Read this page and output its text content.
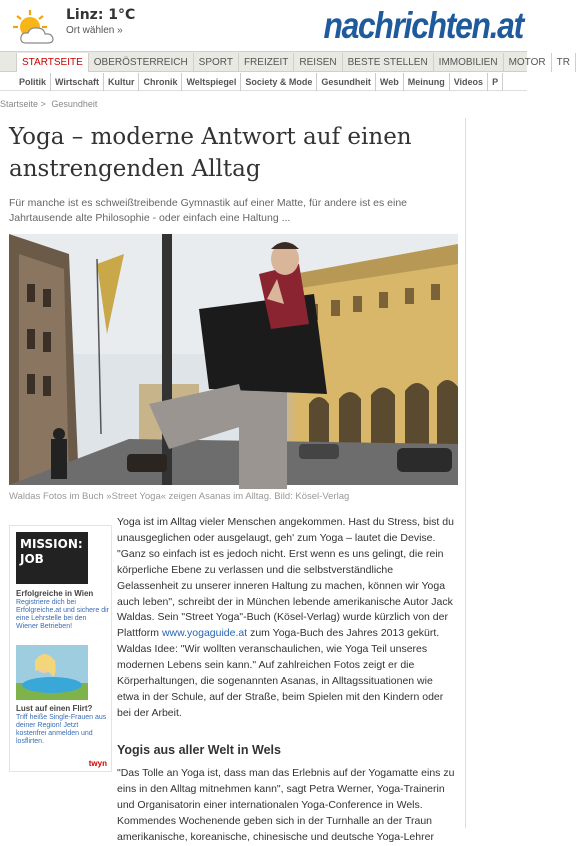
Linz: 1°C
Ort wählen »	nachrichten.at
STARTSEITE OBERÖSTERREICH SPORT FREIZEIT REISEN BESTE STELLEN IMMOBILIEN MOTOR TR
Politik Wirtschaft Kultur Chronik Weltspiegel Society & Mode Gesundheit Web Meinung Videos P
Startseite > Gesundheit
Yoga – moderne Antwort auf einen anstrengenden Alltag
Für manche ist es schweißtreibende Gymnastik auf einer Matte, für andere ist es eine Jahrtausende alte Philosophie - oder einfach eine Haltung ...
Waldas Fotos im Buch »Street Yoga« zeigen Asanas im Alltag. Bild: Kösel-Verlag
MISSION: JOB
Erfolgreiche in Wien
Registriere dich bei Erfolgreiche.at und sichere dir eine Lehrstelle bei den Wiener Betrieben!
Lust auf einen Flirt?
Triff heiße Single-Frauen aus deiner Region! Jetzt kostenfrei anmelden und losflirten.
twyn
Yoga ist im Alltag vieler Menschen angekommen. Hast du Stress, bist du unausgeglichen oder ausgelaugt, geh' zum Yoga – lautet die Devise. "Ganz so einfach ist es jedoch nicht. Erst wenn es uns gelingt, die rein körperliche Ebene zu verlassen und die selbstverständliche Gelassenheit zu unserer inneren Haltung zu machen, können wir Yoga auch leben", schreibt der in München lebende amerikanische Autor Jack Waldas. Sein "Street Yoga"-Buch (Kösel-Verlag) wurde kürzlich von der Plattform www.yogaguide.at zum Yoga-Buch des Jahres 2013 gekürt. Waldas Idee: "Wir wollten veranschaulichen, wie Yoga Teil unseres modernen Lebens sein kann." Auf zahlreichen Fotos zeigt er die Körperhaltungen, die sogenannten Asanas, in Alltagssituationen wie etwa in der Schule, auf der Straße, beim Spielen mit den Kindern oder bei der Arbeit.
Yogis aus aller Welt in Wels
"Das Tolle an Yoga ist, dass man das Erlebnis auf der Yogamatte eins zu eins in den Alltag mitnehmen kann", sagt Petra Werner, Yoga-Trainerin und Organisatorin einer internationalen Yoga-Conference in Wels. Kommendes Wochenende geben sich in der Turnhalle an der Traun amerikanische, koreanische, chinesische und deutsche Yoga-Lehrer
